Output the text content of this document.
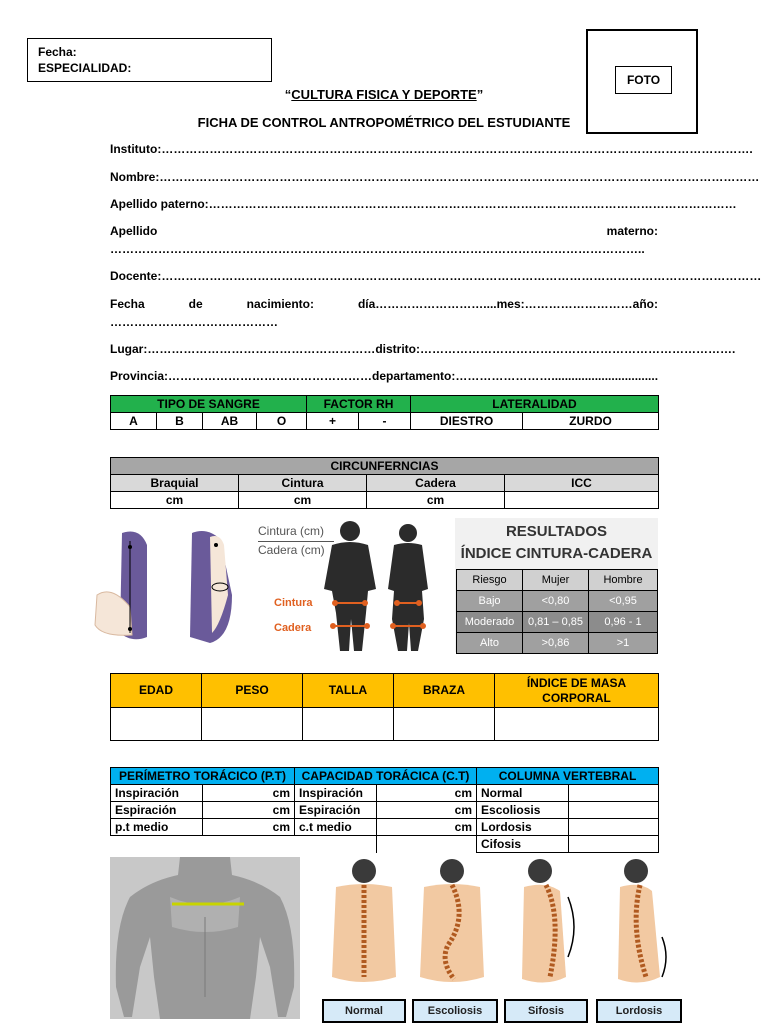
Fecha:
ESPECIALIDAD:
FOTO
“CULTURA FISICA Y DEPORTE”
FICHA DE CONTROL ANTROPOMÉTRICO DEL ESTUDIANTE
Instituto:………………………………………………………………………………………………………………………………….
Nombre:……………………………………………………………………………………………………………………………………
Apellido paterno:……………………………………………………………………………………………………………………
Apellido	materno:
……………………………………………………………………………………………………………………..
Docente:……………………………………………………………………………………………………………………………………
Fecha	de	nacimiento:	día………………………....mes:………………………año:
……………………………………
Lugar:…………………………………………………distrito:…………………………………………………………………….
Provincia:……………………………………………departamento:……………………................................
TIPO DE SANGRE				FACTOR RH		LATERALIDAD	
A	B	AB	O	+	-	DIESTRO	ZURDO
CIRCUNFERNCIAS			
Braquial	Cintura	Cadera	ICC
cm	cm	cm	
Cintura (cm)
Cadera (cm)
Cintura
Cadera
RESULTADOS
ÍNDICE CINTURA-CADERA
Riesgo	Mujer	Hombre
Bajo	<0,80	<0,95
Moderado	0,81 – 0,85	0,96 - 1
Alto	>0,86	>1
EDAD	PESO	TALLA	BRAZA	ÍNDICE DE MASA CORPORAL

PERÍMETRO TORÁCICO (P.T)		CAPACIDAD TORÁCICA (C.T)		COLUMNA VERTEBRAL	
Inspiración	cm	Inspiración	cm	Normal	
Espiración	cm	Espiración	cm	Escoliosis	
p.t medio	cm	c.t medio	cm	Lordosis	
				Cifosis	
Normal	Escoliosis	Sifosis	Lordosis
